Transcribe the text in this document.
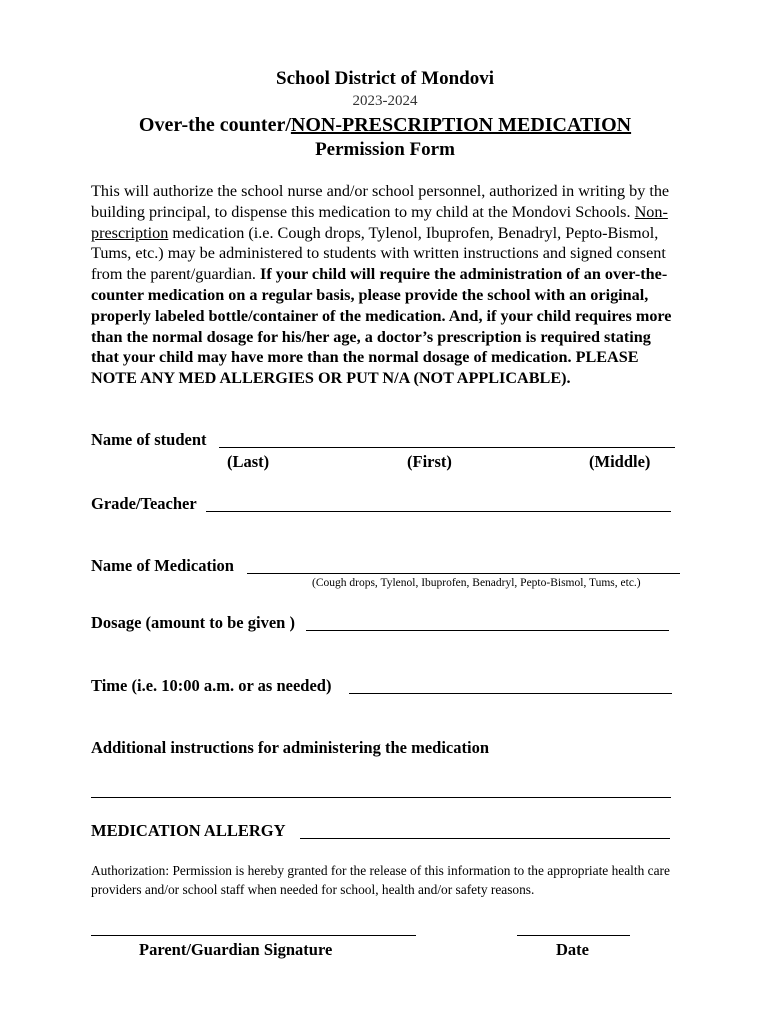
School District of Mondovi
2023-2024
Over-the counter/NON-PRESCRIPTION MEDICATION
Permission Form

This will authorize the school nurse and/or school personnel, authorized in writing by the building principal, to dispense this medication to my child at the Mondovi Schools. Non-prescription medication (i.e. Cough drops, Tylenol, Ibuprofen, Benadryl, Pepto-Bismol, Tums, etc.) may be administered to students with written instructions and signed consent from the parent/guardian. If your child will require the administration of an over-the-counter medication on a regular basis, please provide the school with an original, properly labeled bottle/container of the medication. And, if your child requires more than the normal dosage for his/her age, a doctor’s prescription is required stating that your child may have more than the normal dosage of medication. PLEASE NOTE ANY MED ALLERGIES OR PUT N/A (NOT APPLICABLE).

Name of student
(Last)	(First)	(Middle)
Grade/Teacher
Name of Medication
(Cough drops, Tylenol, Ibuprofen, Benadryl, Pepto-Bismol, Tums, etc.)
Dosage (amount to be given )
Time (i.e. 10:00 a.m. or as needed)
Additional instructions for administering the medication
MEDICATION ALLERGY

Authorization: Permission is hereby granted for the release of this information to the appropriate health care providers and/or school staff when needed for school, health and/or safety reasons.

Parent/Guardian Signature	Date
